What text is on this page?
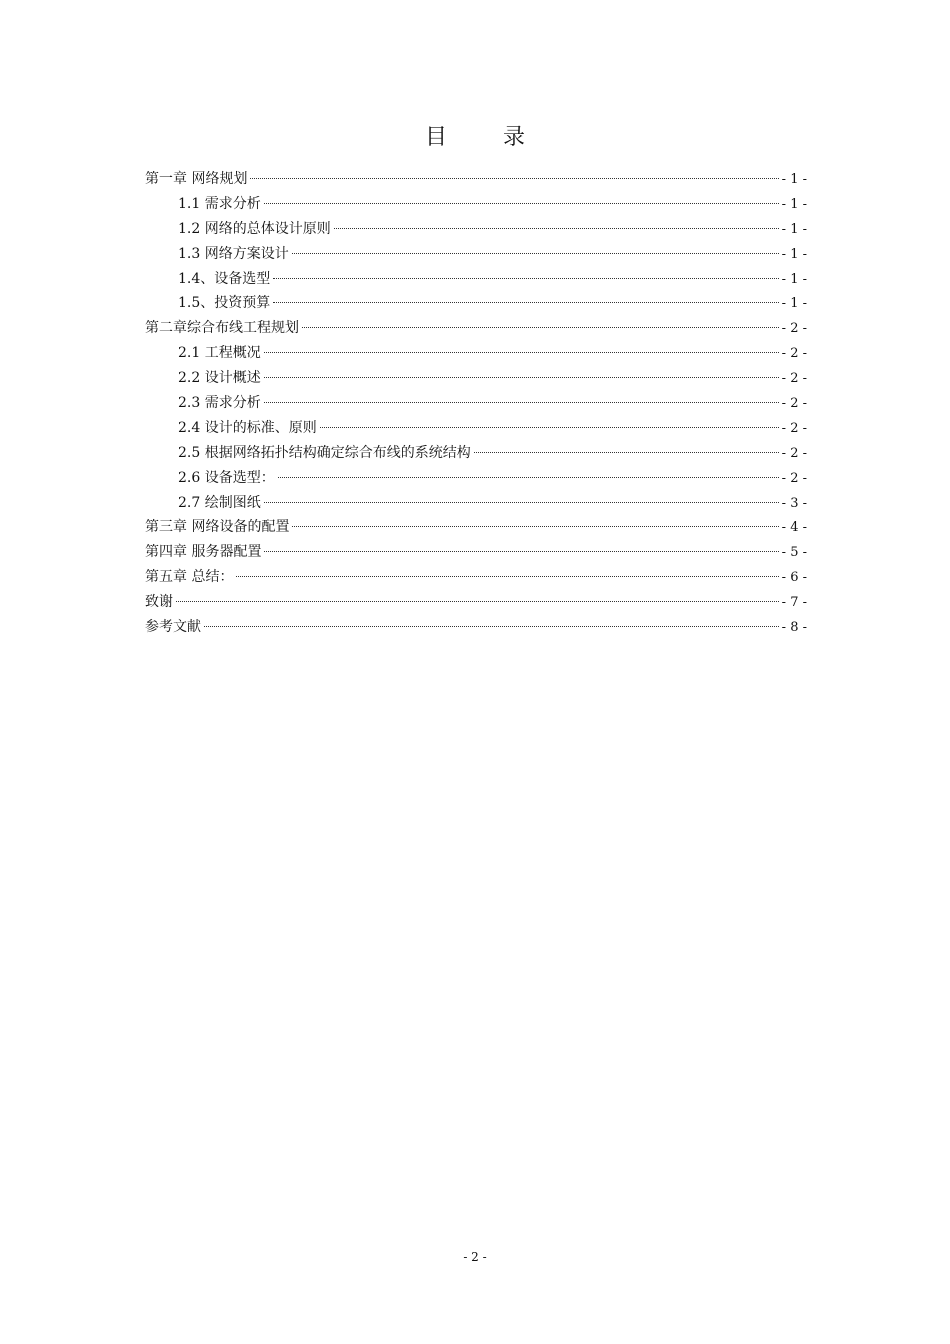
目	录
第一章 网络规划	- 1 -
1.1 需求分析	- 1 -
1.2 网络的总体设计原则	- 1 -
1.3 网络方案设计	- 1 -
1.4、设备选型	- 1 -
1.5、投资预算	- 1 -
第二章综合布线工程规划	- 2 -
2.1 工程概况	- 2 -
2.2 设计概述	- 2 -
2.3 需求分析	- 2 -
2.4 设计的标准、原则	- 2 -
2.5 根据网络拓扑结构确定综合布线的系统结构	- 2 -
2.6 设备选型：	- 2 -
2.7 绘制图纸	- 3 -
第三章 网络设备的配置	- 4 -
第四章 服务器配置	- 5 -
第五章 总结：	- 6 -
致谢	- 7 -
参考文献	- 8 -
- 2 -
